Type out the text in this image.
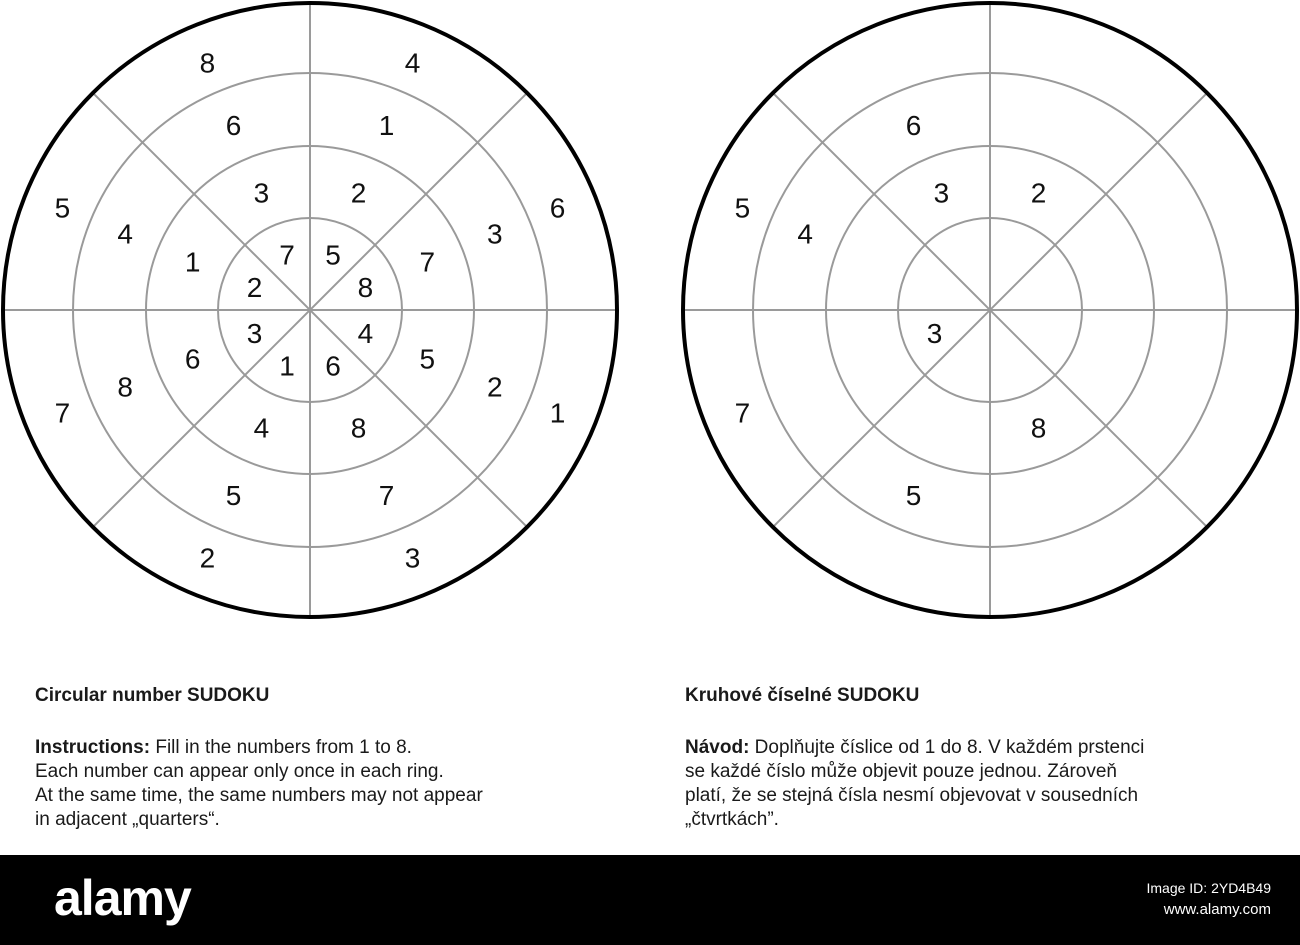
5
8
4
6
1
3
2
7
2
7
5
8
4
6
1
3
1
3
2
7
5
8
4
6
4
6
1
3
2
7
5
8
2
3
6
3
8
4
5
5
7

Circular number SUDOKU

Instructions: Fill in the numbers from 1 to 8.

Each number can appear only once in each ring.

At the same time, the same numbers may not appear

in adjacent „quarters“.

Kruhové číselné SUDOKU

Návod: Doplňujte číslice od 1 do 8. V každém prstenci

se každé číslo může objevit pouze jednou. Zároveň

platí, že se stejná čísla nesmí objevovat v sousedních

„čtvrtkách”.

alamy	Image ID: 2YD4B49
www.alamy.com
